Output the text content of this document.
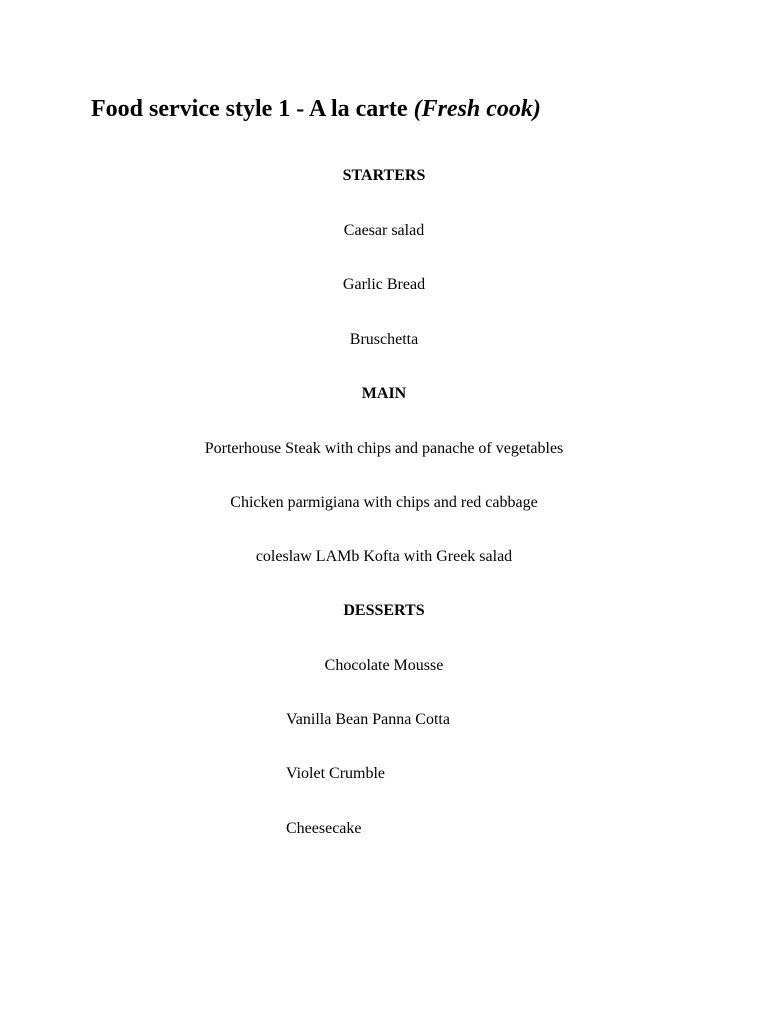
Food service style 1 - A la carte (Fresh cook)
STARTERS
Caesar salad
Garlic Bread
Bruschetta
MAIN
Porterhouse Steak with chips and panache of vegetables
Chicken parmigiana with chips and red cabbage
coleslaw LAMb Kofta with Greek salad
DESSERTS
Chocolate Mousse
Vanilla Bean Panna Cotta
Violet Crumble
Cheesecake
